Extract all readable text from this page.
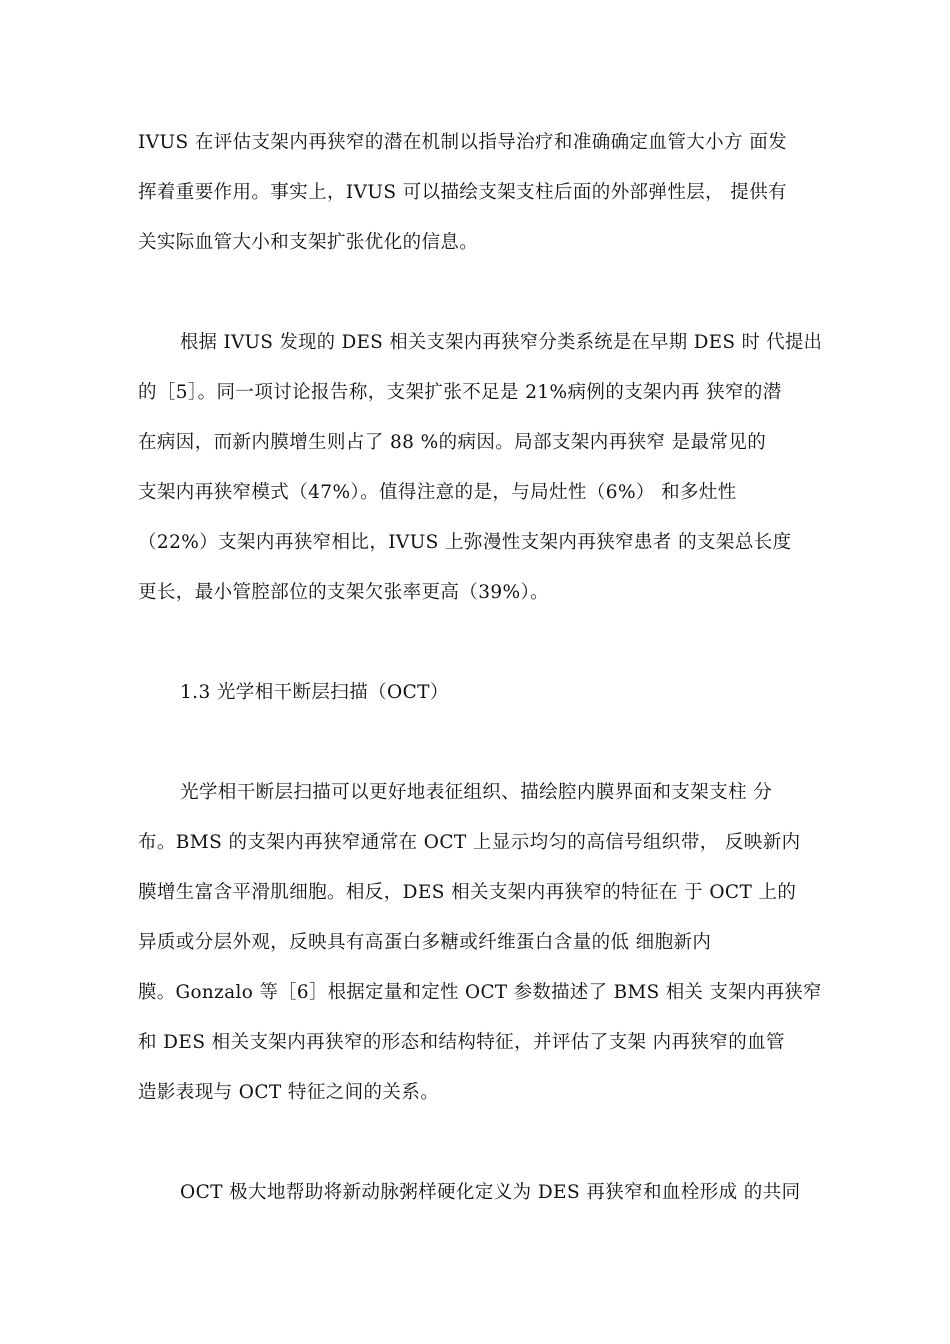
IVUS 在评估支架内再狭窄的潜在机制以指导治疗和准确确定血管大小方 面发
挥着重要作用。事实上，IVUS 可以描绘支架支柱后面的外部弹性层， 提供有
关实际血管大小和支架扩张优化的信息。
根据 IVUS 发现的 DES 相关支架内再狭窄分类系统是在早期 DES 时 代提出
的［5］。同一项讨论报告称，支架扩张不足是 21%病例的支架内再 狭窄的潜
在病因，而新内膜增生则占了 88 %的病因。局部支架内再狭窄 是最常见的
支架内再狭窄模式（47%）。值得注意的是，与局灶性（6%） 和多灶性
（22%）支架内再狭窄相比，IVUS 上弥漫性支架内再狭窄患者 的支架总长度
更长，最小管腔部位的支架欠张率更高（39%）。
1.3 光学相干断层扫描（OCT）
光学相干断层扫描可以更好地表征组织、描绘腔内膜界面和支架支柱 分
布。BMS 的支架内再狭窄通常在 OCT 上显示均匀的高信号组织带， 反映新内
膜增生富含平滑肌细胞。相反，DES 相关支架内再狭窄的特征在 于 OCT 上的
异质或分层外观，反映具有高蛋白多糖或纤维蛋白含量的低 细胞新内
膜。Gonzalo 等［6］根据定量和定性 OCT 参数描述了 BMS 相关 支架内再狭窄
和 DES 相关支架内再狭窄的形态和结构特征，并评估了支架 内再狭窄的血管
造影表现与 OCT 特征之间的关系。
OCT 极大地帮助将新动脉粥样硬化定义为 DES 再狭窄和血栓形成 的共同
